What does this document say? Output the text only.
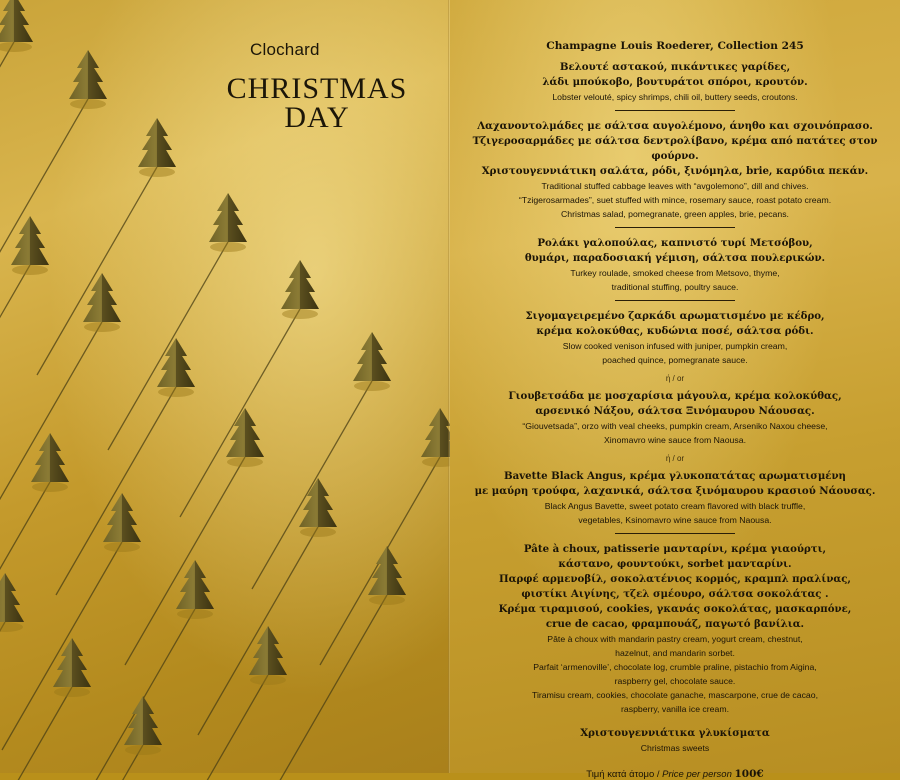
Clochard
CHRISTMAS
DAY

Champagne Louis Roederer, Collection 245

Βελουτέ αστακού, πικάντικες γαρίδες,

λάδι μπούκοβο, βουτυράτοι σπόροι, κρουτόν.

Lobster velouté, spicy shrimps, chili oil, buttery seeds, croutons.

Λαχανοντολμάδες με σάλτσα αυγολέμονο, άνηθο και σχοινόπρασο.

Τζιγεροσαρμάδες με σάλτσα δεντρολίβανο, κρέμα από πατάτες στον φούρνο.

Χριστουγεννιάτικη σαλάτα, ρόδι, ξινόμηλα, brie, καρύδια πεκάν.

Traditional stuffed cabbage leaves with “avgolemono”, dill and chives.

“Tzigerosarmades”, suet stuffed with mince, rosemary sauce, roast potato cream.

Christmas salad, pomegranate, green apples, brie, pecans.

Ρολάκι γαλοπούλας, καπνιστό τυρί Μετσόβου,

θυμάρι, παραδοσιακή γέμιση, σάλτσα πουλερικών.

Turkey roulade, smoked cheese from Metsovo, thyme,

traditional stuffing, poultry sauce.

Σιγομαγειρεμένο ζαρκάδι αρωματισμένο με κέδρο,

κρέμα κολοκύθας, κυδώνια ποσέ, σάλτσα ρόδι.

Slow cooked venison infused with juniper, pumpkin cream,

poached quince, pomegranate sauce.

ή / or

Γιουβετσάδα με μοσχαρίσια μάγουλα, κρέμα κολοκύθας,

αρσενικό Νάξου, σάλτσα Ξινόμαυρου Νάουσας.

“Giouvetsada”, orzo with veal cheeks, pumpkin cream, Arseniko Naxou cheese,

Xinomavro wine sauce from Naousa.

ή / or

Bavette Black Angus, κρέμα γλυκοπατάτας αρωματισμένη

με μαύρη τρούφα, λαχανικά, σάλτσα ξινόμαυρου κρασιού Νάουσας.

Black Angus Bavette, sweet potato cream flavored with black truffle,

vegetables, Ksinomavro wine sauce from Naousa.

Pâte à choux, patisserie μανταρίνι, κρέμα γιαούρτι,

κάστανο, φουντούκι, sorbet μανταρίνι.

Παρφέ αρμενοβίλ, σοκολατένιος κορμός, κραμπλ πραλίνας,

φιστίκι Αιγίνης, τζελ σμέουρο, σάλτσα σοκολάτας .

Κρέμα τιραμισού, cookies, γκανάς σοκολάτας, μασκαρπόνε,

crue de cacao, φραμπουάζ, παγωτό βανίλια.

Pâte à choux with mandarin pastry cream, yogurt cream, chestnut,

hazelnut, and mandarin sorbet.

Parfait ‘armenoville’, chocolate log, crumble praline, pistachio from Aigina,

raspberry gel, chocolate sauce.

Tiramisu cream, cookies, chocolate ganache, mascarpone, crue de cacao,

raspberry, vanilla ice cream.

Χριστουγεννιάτικα γλυκίσματα

Christmas sweets

Τιμή κατά άτομο / Price per person 100€
